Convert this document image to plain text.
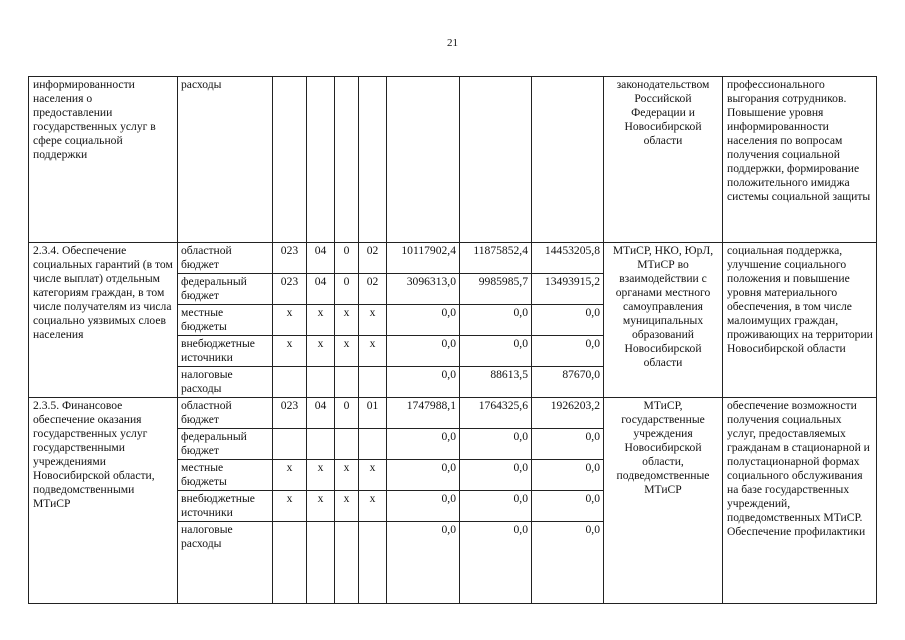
21
информированности населения о предоставлении государственных услуг в сфере социальной поддержки	расходы								законодательством Российской Федерации и Новосибирской области	профессионального выгорания сотрудников. Повышение уровня информированности населения по вопросам получения социальной поддержки, формирование положительного имиджа системы социальной защиты
2.3.4. Обеспечение социальных гарантий (в том числе выплат) отдельным категориям граждан, в том числе получателям из числа социально уязвимых слоев населения	областной бюджет	023	04	0	02	10117902,4	11875852,4	14453205,8	МТиСР, НКО, ЮрЛ, МТиСР во взаимодействии с органами местного самоуправления муниципальных образований Новосибирской области	социальная поддержка, улучшение социального положения и повышение уровня материального обеспечения, в том числе малоимущих граждан, проживающих на территории Новосибирской области
	федеральный бюджет	023	04	0	02	3096313,0	9985985,7	13493915,2		
	местные бюджеты	х	х	х	х	0,0	0,0	0,0		
	внебюджетные источники	х	х	х	х	0,0	0,0	0,0		
	налоговые расходы					0,0	88613,5	87670,0		
2.3.5. Финансовое обеспечение оказания государственных услуг государственными учреждениями Новосибирской области, подведомственными МТиСР	областной бюджет	023	04	0	01	1747988,1	1764325,6	1926203,2	МТиСР, государственные учреждения Новосибирской области, подведомственные МТиСР	обеспечение возможности получения социальных услуг, предоставляемых гражданам в стационарной и полустационарной формах социального обслуживания на базе государственных учреждений, подведомственных МТиСР. Обеспечение профилактики
	федеральный бюджет					0,0	0,0	0,0		
	местные бюджеты	х	х	х	х	0,0	0,0	0,0		
	внебюджетные источники	х	х	х	х	0,0	0,0	0,0		
	налоговые расходы					0,0	0,0	0,0		
